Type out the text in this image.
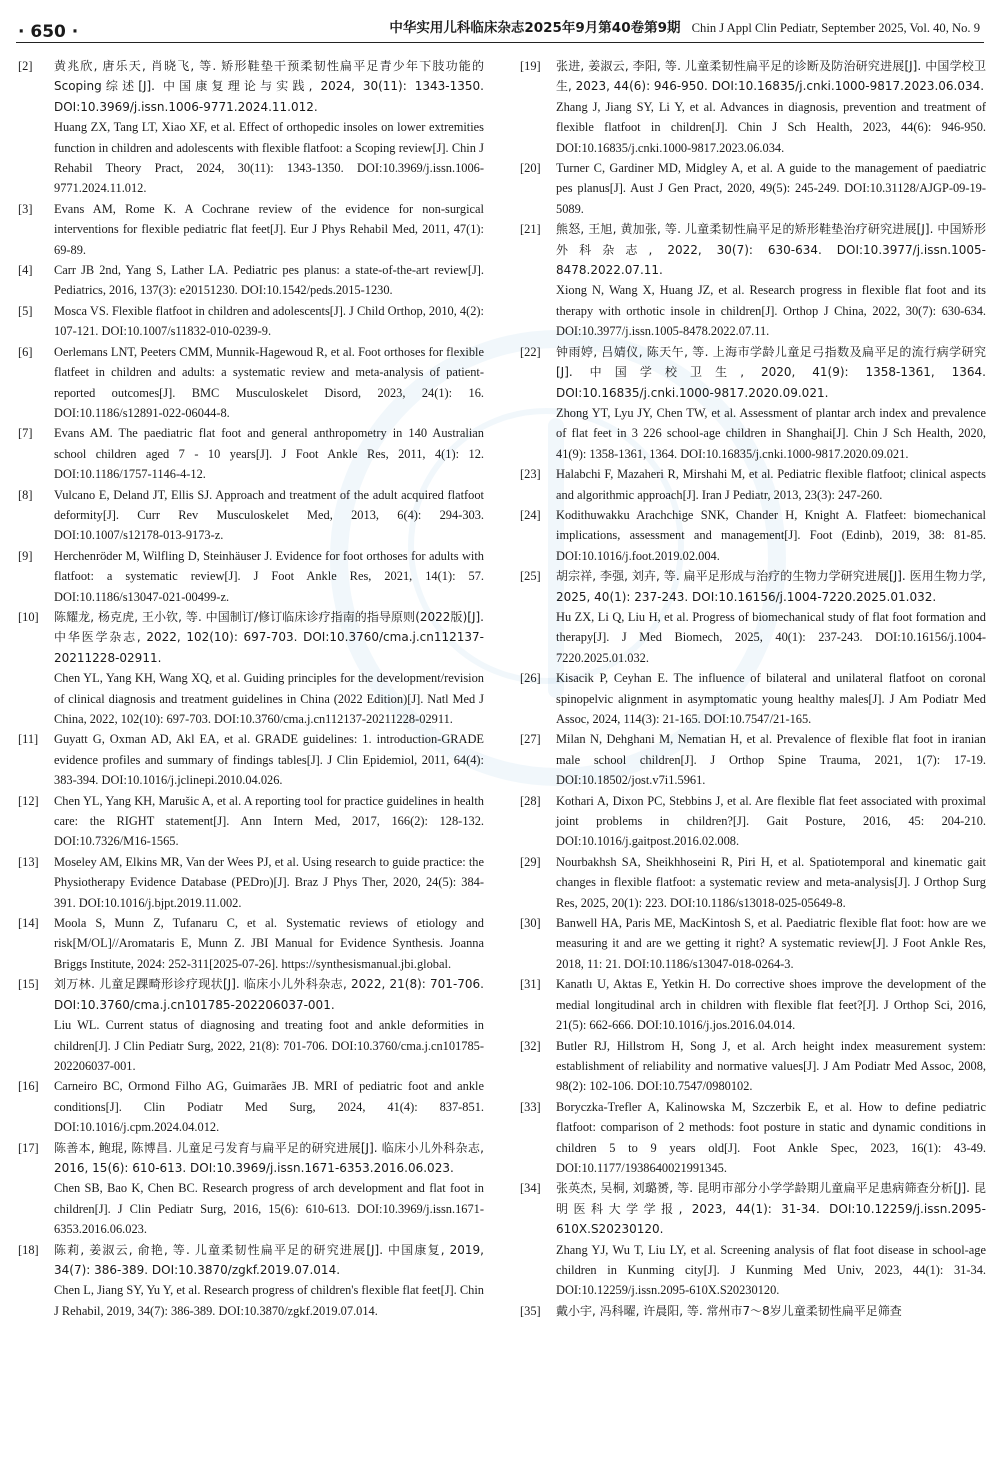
· 650 ·	中华实用儿科临床杂志2025年9月第40卷第9期 Chin J Appl Clin Pediatr, September 2025, Vol. 40, No. 9
[2] 黄兆欣, 唐乐天, 肖晓飞, 等. 矫形鞋垫干预柔韧性扁平足青少年下肢功能的Scoping综述[J]. 中国康复理论与实践, 2024, 30(11): 1343-1350. DOI:10.3969/j.issn.1006-9771.2024.11.012.

Huang ZX, Tang LT, Xiao XF, et al. Effect of orthopedic insoles on lower extremities function in children and adolescents with flexible flatfoot: a Scoping review[J]. Chin J Rehabil Theory Pract, 2024, 30(11): 1343-1350. DOI:10.3969/j.issn.1006-9771.2024.11.012.

[3] Evans AM, Rome K. A Cochrane review of the evidence for non-surgical interventions for flexible pediatric flat feet[J]. Eur J Phys Rehabil Med, 2011, 47(1): 69-89.

[4] Carr JB 2nd, Yang S, Lather LA. Pediatric pes planus: a state-of-the-art review[J]. Pediatrics, 2016, 137(3): e20151230. DOI:10.1542/peds.2015-1230.

[5] Mosca VS. Flexible flatfoot in children and adolescents[J]. J Child Orthop, 2010, 4(2): 107-121. DOI:10.1007/s11832-010-0239-9.

[6] Oerlemans LNT, Peeters CMM, Munnik-Hagewoud R, et al. Foot orthoses for flexible flatfeet in children and adults: a systematic review and meta-analysis of patient-reported outcomes[J]. BMC Musculoskelet Disord, 2023, 24(1): 16. DOI:10.1186/s12891-022-06044-8.

[7] Evans AM. The paediatric flat foot and general anthropometry in 140 Australian school children aged 7 - 10 years[J]. J Foot Ankle Res, 2011, 4(1): 12. DOI:10.1186/1757-1146-4-12.

[8] Vulcano E, Deland JT, Ellis SJ. Approach and treatment of the adult acquired flatfoot deformity[J]. Curr Rev Musculoskelet Med, 2013, 6(4): 294-303. DOI:10.1007/s12178-013-9173-z.

[9] Herchenröder M, Wilfling D, Steinhäuser J. Evidence for foot orthoses for adults with flatfoot: a systematic review[J]. J Foot Ankle Res, 2021, 14(1): 57. DOI:10.1186/s13047-021-00499-z.

[10] 陈耀龙, 杨克虎, 王小钦, 等. 中国制订/修订临床诊疗指南的指导原则(2022版)[J]. 中华医学杂志, 2022, 102(10): 697-703. DOI:10.3760/cma.j.cn112137-20211228-02911.

Chen YL, Yang KH, Wang XQ, et al. Guiding principles for the development/revision of clinical diagnosis and treatment guidelines in China (2022 Edition)[J]. Natl Med J China, 2022, 102(10): 697-703. DOI:10.3760/cma.j.cn112137-20211228-02911.

[11] Guyatt G, Oxman AD, Akl EA, et al. GRADE guidelines: 1. introduction-GRADE evidence profiles and summary of findings tables[J]. J Clin Epidemiol, 2011, 64(4): 383-394. DOI:10.1016/j.jclinepi.2010.04.026.

[12] Chen YL, Yang KH, Marušic A, et al. A reporting tool for practice guidelines in health care: the RIGHT statement[J]. Ann Intern Med, 2017, 166(2): 128-132. DOI:10.7326/M16-1565.

[13] Moseley AM, Elkins MR, Van der Wees PJ, et al. Using research to guide practice: the Physiotherapy Evidence Database (PEDro)[J]. Braz J Phys Ther, 2020, 24(5): 384-391. DOI:10.1016/j.bjpt.2019.11.002.

[14] Moola S, Munn Z, Tufanaru C, et al. Systematic reviews of etiology and risk[M/OL]//Aromataris E, Munn Z. JBI Manual for Evidence Synthesis. Joanna Briggs Institute, 2024: 252-311[2025-07-26]. https://synthesismanual.jbi.global.

[15] 刘万林. 儿童足踝畸形诊疗现状[J]. 临床小儿外科杂志, 2022, 21(8): 701-706. DOI:10.3760/cma.j.cn101785-202206037-001.

Liu WL. Current status of diagnosing and treating foot and ankle deformities in children[J]. J Clin Pediatr Surg, 2022, 21(8): 701-706. DOI:10.3760/cma.j.cn101785-202206037-001.

[16] Carneiro BC, Ormond Filho AG, Guimarães JB. MRI of pediatric foot and ankle conditions[J]. Clin Podiatr Med Surg, 2024, 41(4): 837-851. DOI:10.1016/j.cpm.2024.04.012.

[17] 陈善本, 鲍琨, 陈博昌. 儿童足弓发育与扁平足的研究进展[J]. 临床小儿外科杂志, 2016, 15(6): 610-613. DOI:10.3969/j.issn.1671-6353.2016.06.023.

Chen SB, Bao K, Chen BC. Research progress of arch development and flat foot in children[J]. J Clin Pediatr Surg, 2016, 15(6): 610-613. DOI:10.3969/j.issn.1671-6353.2016.06.023.

[18] 陈莉, 姜淑云, 俞艳, 等. 儿童柔韧性扁平足的研究进展[J]. 中国康复, 2019, 34(7): 386-389. DOI:10.3870/zgkf.2019.07.014.

Chen L, Jiang SY, Yu Y, et al. Research progress of children's flexible flat feet[J]. Chin J Rehabil, 2019, 34(7): 386-389. DOI:10.3870/zgkf.2019.07.014.

[19] 张进, 姜淑云, 李阳, 等. 儿童柔韧性扁平足的诊断及防治研究进展[J]. 中国学校卫生, 2023, 44(6): 946-950. DOI:10.16835/j.cnki.1000-9817.2023.06.034.

Zhang J, Jiang SY, Li Y, et al. Advances in diagnosis, prevention and treatment of flexible flatfoot in children[J]. Chin J Sch Health, 2023, 44(6): 946-950. DOI:10.16835/j.cnki.1000-9817.2023.06.034.

[20] Turner C, Gardiner MD, Midgley A, et al. A guide to the management of paediatric pes planus[J]. Aust J Gen Pract, 2020, 49(5): 245-249. DOI:10.31128/AJGP-09-19-5089.

[21] 熊怒, 王旭, 黄加张, 等. 儿童柔韧性扁平足的矫形鞋垫治疗研究进展[J]. 中国矫形外科杂志, 2022, 30(7): 630-634. DOI:10.3977/j.issn.1005-8478.2022.07.11.

Xiong N, Wang X, Huang JZ, et al. Research progress in flexible flat foot and its therapy with orthotic insole in children[J]. Orthop J China, 2022, 30(7): 630-634. DOI:10.3977/j.issn.1005-8478.2022.07.11.

[22] 钟雨婷, 吕婧仪, 陈天午, 等. 上海市学龄儿童足弓指数及扁平足的流行病学研究[J]. 中国学校卫生, 2020, 41(9): 1358-1361, 1364. DOI:10.16835/j.cnki.1000-9817.2020.09.021.

Zhong YT, Lyu JY, Chen TW, et al. Assessment of plantar arch index and prevalence of flat feet in 3 226 school-age children in Shanghai[J]. Chin J Sch Health, 2020, 41(9): 1358-1361, 1364. DOI:10.16835/j.cnki.1000-9817.2020.09.021.

[23] Halabchi F, Mazaheri R, Mirshahi M, et al. Pediatric flexible flatfoot; clinical aspects and algorithmic approach[J]. Iran J Pediatr, 2013, 23(3): 247-260.

[24] Kodithuwakku Arachchige SNK, Chander H, Knight A. Flatfeet: biomechanical implications, assessment and management[J]. Foot (Edinb), 2019, 38: 81-85. DOI:10.1016/j.foot.2019.02.004.

[25] 胡宗祥, 李强, 刘卉, 等. 扁平足形成与治疗的生物力学研究进展[J]. 医用生物力学, 2025, 40(1): 237-243. DOI:10.16156/j.1004-7220.2025.01.032.

Hu ZX, Li Q, Liu H, et al. Progress of biomechanical study of flat foot formation and therapy[J]. J Med Biomech, 2025, 40(1): 237-243. DOI:10.16156/j.1004-7220.2025.01.032.

[26] Kisacik P, Ceyhan E. The influence of bilateral and unilateral flatfoot on coronal spinopelvic alignment in asymptomatic young healthy males[J]. J Am Podiatr Med Assoc, 2024, 114(3): 21-165. DOI:10.7547/21-165.

[27] Milan N, Dehghani M, Nematian H, et al. Prevalence of flexible flat foot in iranian male school children[J]. J Orthop Spine Trauma, 2021, 1(7): 17-19. DOI:10.18502/jost.v7i1.5961.

[28] Kothari A, Dixon PC, Stebbins J, et al. Are flexible flat feet associated with proximal joint problems in children?[J]. Gait Posture, 2016, 45: 204-210. DOI:10.1016/j.gaitpost.2016.02.008.

[29] Nourbakhsh SA, Sheikhhoseini R, Piri H, et al. Spatiotemporal and kinematic gait changes in flexible flatfoot: a systematic review and meta-analysis[J]. J Orthop Surg Res, 2025, 20(1): 223. DOI:10.1186/s13018-025-05649-8.

[30] Banwell HA, Paris ME, MacKintosh S, et al. Paediatric flexible flat foot: how are we measuring it and are we getting it right? A systematic review[J]. J Foot Ankle Res, 2018, 11: 21. DOI:10.1186/s13047-018-0264-3.

[31] Kanatlı U, Aktas E, Yetkin H. Do corrective shoes improve the development of the medial longitudinal arch in children with flexible flat feet?[J]. J Orthop Sci, 2016, 21(5): 662-666. DOI:10.1016/j.jos.2016.04.014.

[32] Butler RJ, Hillstrom H, Song J, et al. Arch height index measurement system: establishment of reliability and normative values[J]. J Am Podiatr Med Assoc, 2008, 98(2): 102-106. DOI:10.7547/0980102.

[33] Boryczka-Trefler A, Kalinowska M, Szczerbik E, et al. How to define pediatric flatfoot: comparison of 2 methods: foot posture in static and dynamic conditions in children 5 to 9 years old[J]. Foot Ankle Spec, 2023, 16(1): 43-49. DOI:10.1177/1938640021991345.

[34] 张英杰, 吴桐, 刘璐赟, 等. 昆明市部分小学学龄期儿童扁平足患病筛查分析[J]. 昆明医科大学学报, 2023, 44(1): 31-34. DOI:10.12259/j.issn.2095-610X.S20230120.

Zhang YJ, Wu T, Liu LY, et al. Screening analysis of flat foot disease in school-age children in Kunming city[J]. J Kunming Med Univ, 2023, 44(1): 31-34. DOI:10.12259/j.issn.2095-610X.S20230120.

[35] 戴小宇, 冯科曜, 许晨阳, 等. 常州市7～8岁儿童柔韧性扁平足筛查
